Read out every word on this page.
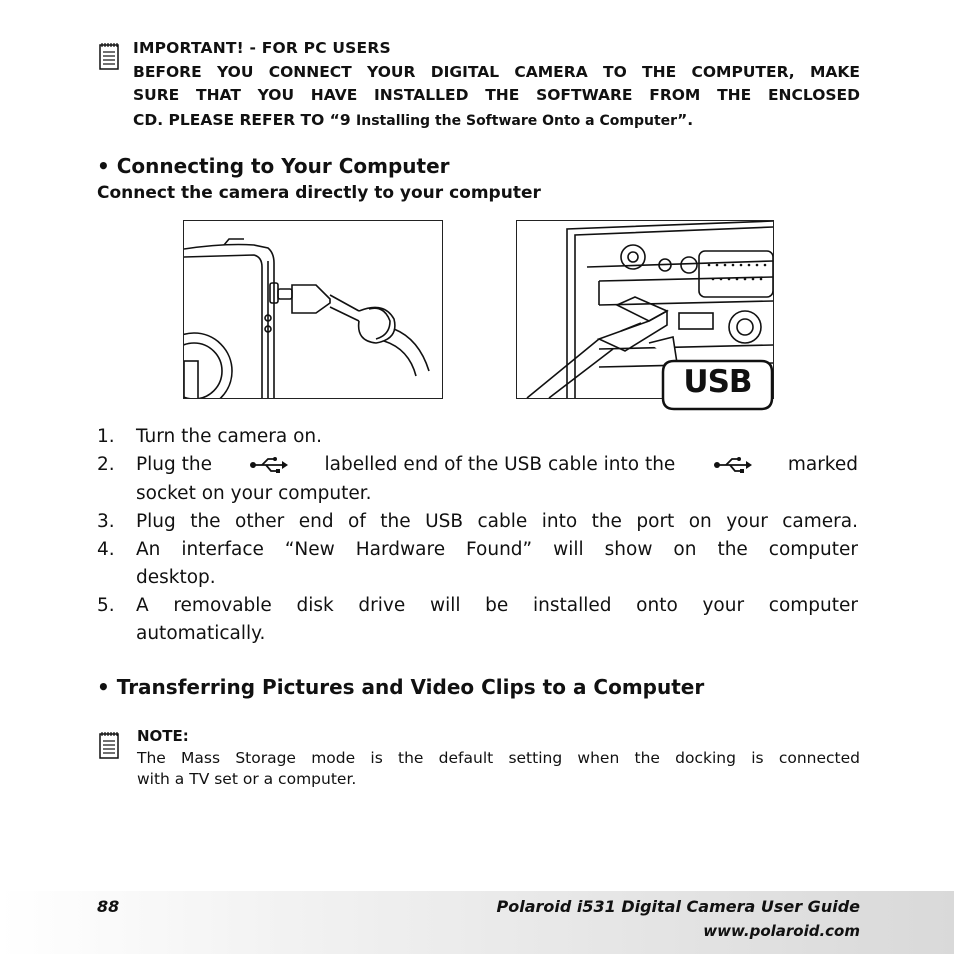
IMPORTANT! - FOR PC USERS
BEFORE YOU CONNECT YOUR DIGITAL CAMERA TO THE COMPUTER, MAKE
SURE THAT YOU HAVE INSTALLED THE SOFTWARE FROM THE ENCLOSED
CD. PLEASE REFER TO “9 Installing the Software Onto a Computer”.
• Connecting to Your Computer
Connect the camera directly to your computer
USB
1.	Turn the camera on.
2.	Plug the	labelled end of the USB cable into the	marked
socket on your computer.
3.	Plug the other end of the USB cable into the port on your camera.
4.	An interface “New Hardware Found” will show on the computer
desktop.
5.	A removable disk drive will be installed onto your computer
automatically.
• Transferring Pictures and Video Clips to a Computer
NOTE:
The Mass Storage mode is the default setting when the docking is connected
with a TV set or a computer.
88	Polaroid i531 Digital Camera User Guide
www.polaroid.com
